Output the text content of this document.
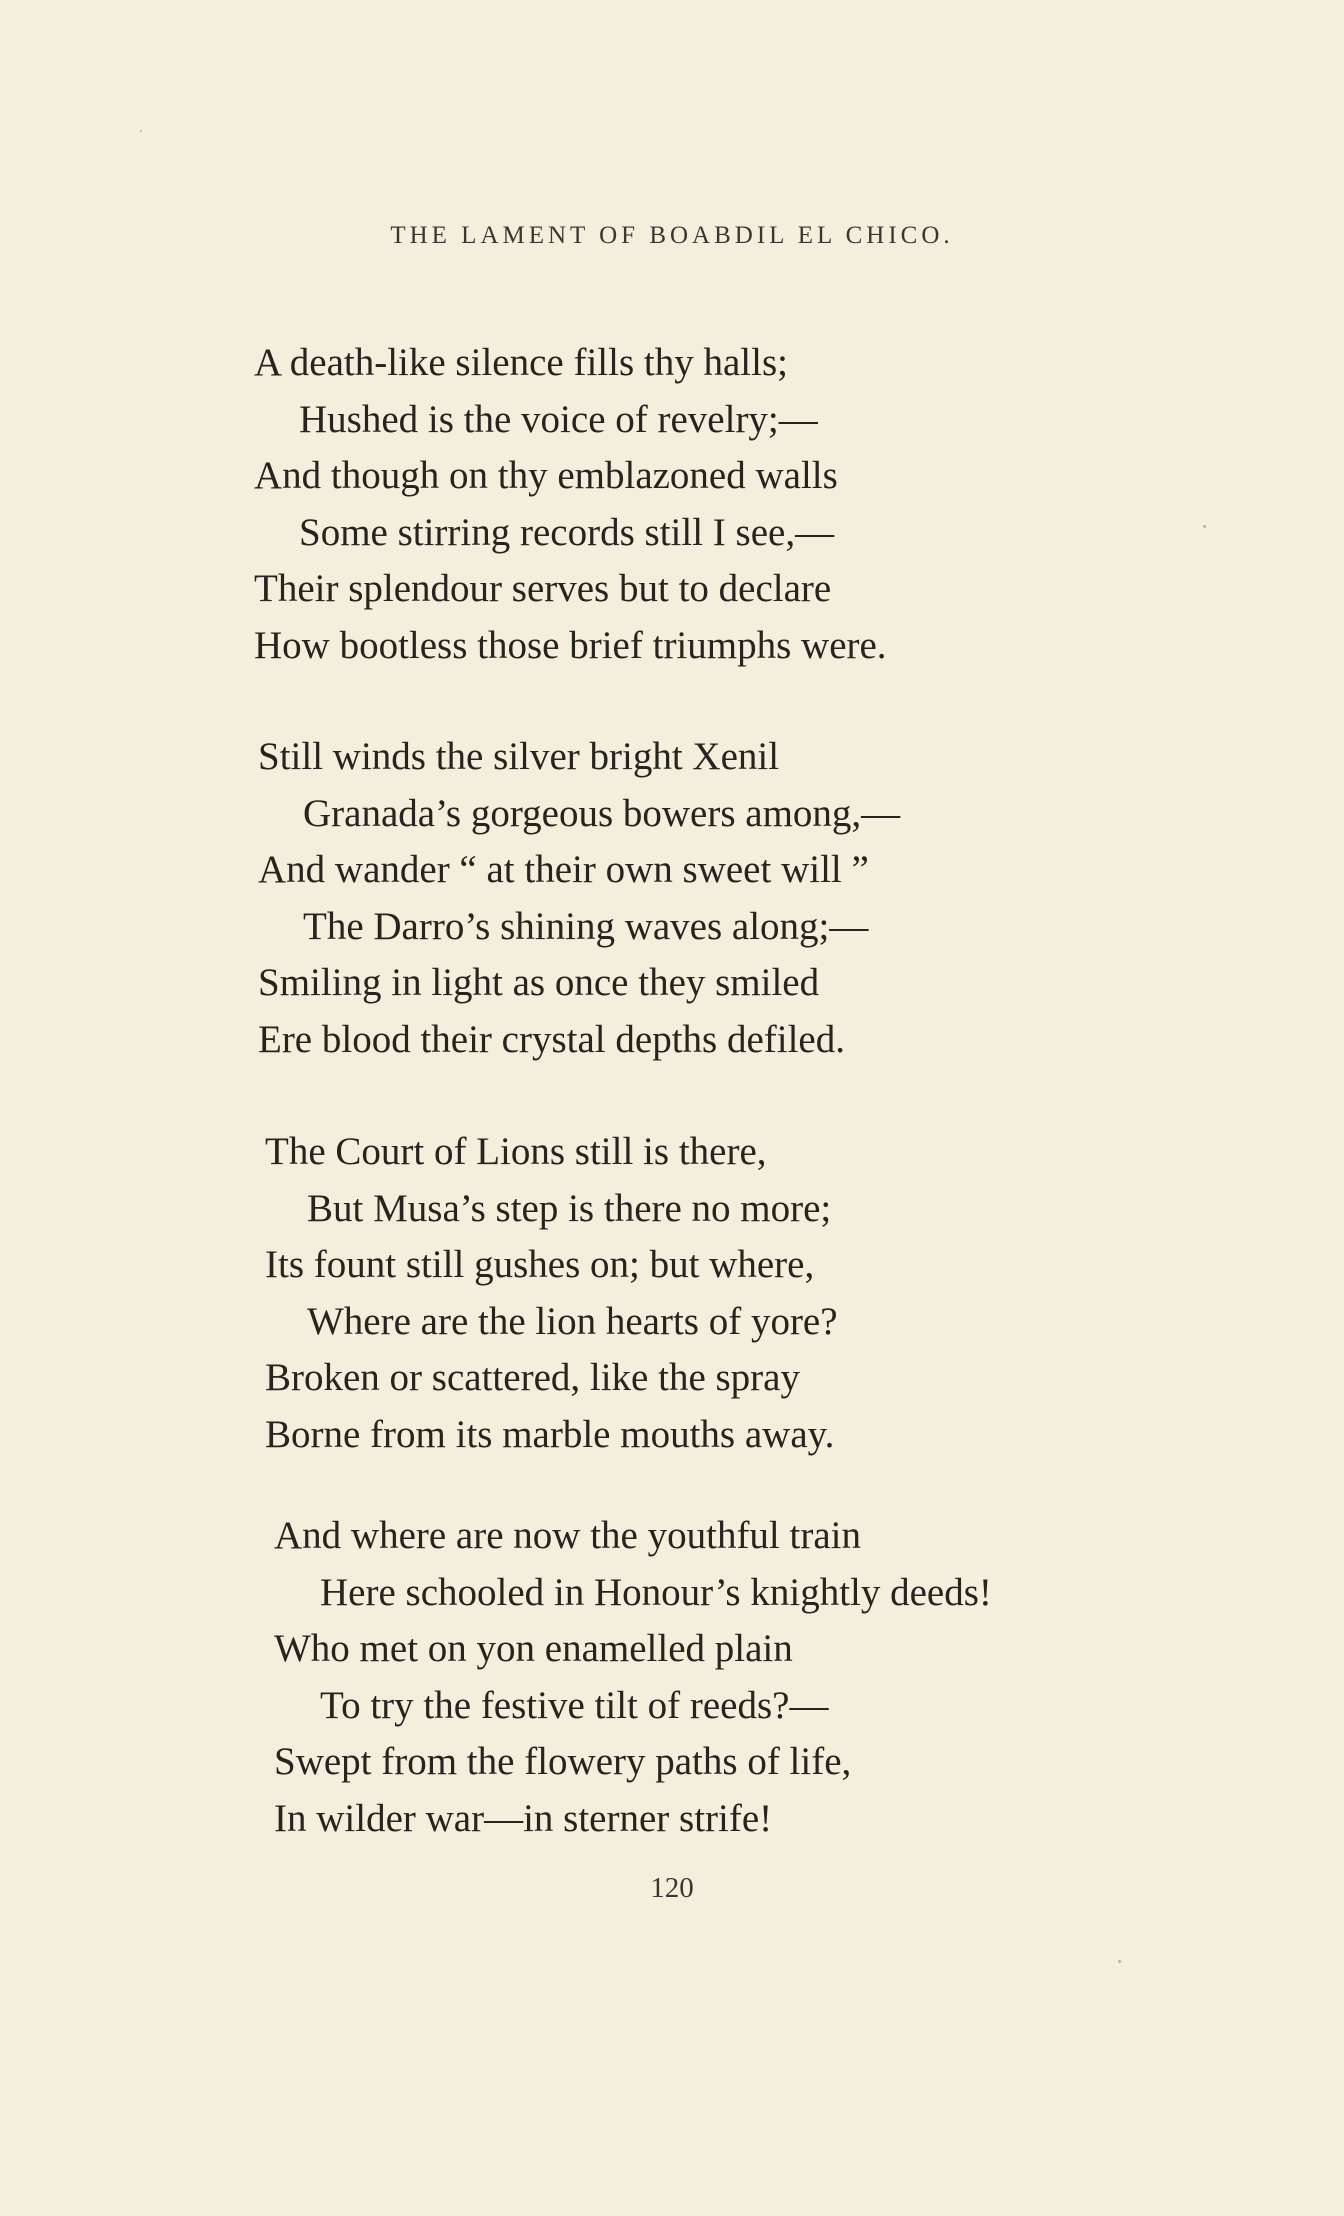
THE LAMENT OF BOABDIL EL CHICO.
A death-like silence fills thy halls;
Hushed is the voice of revelry;—
And though on thy emblazoned walls
Some stirring records still I see,—
Their splendour serves but to declare
How bootless those brief triumphs were.
Still winds the silver bright Xenil
Granada’s gorgeous bowers among,—
And wander “ at their own sweet will ”
The Darro’s shining waves along;—
Smiling in light as once they smiled
Ere blood their crystal depths defiled.
The Court of Lions still is there,
But Musa’s step is there no more;
Its fount still gushes on; but where,
Where are the lion hearts of yore?
Broken or scattered, like the spray
Borne from its marble mouths away.
And where are now the youthful train
Here schooled in Honour’s knightly deeds!
Who met on yon enamelled plain
To try the festive tilt of reeds?—
Swept from the flowery paths of life,
In wilder war—in sterner strife!
120
